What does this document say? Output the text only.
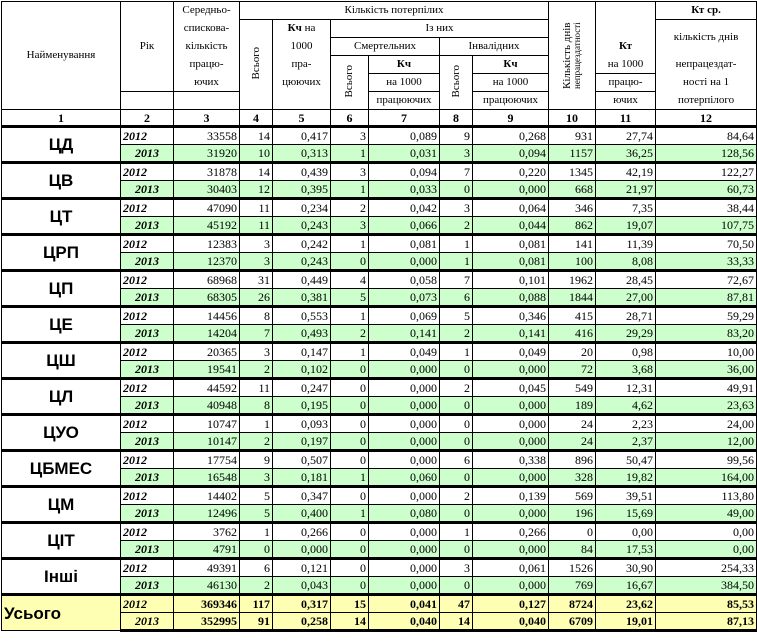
Найменування		Середньо-	Кількість потерпілих						Кількість днів непрацездатності		Кт ср.
		спискова-	Всього	Кч на	Із них						кількість днів
	Рік	кількість		1000	Смертельних		Інвалідних			Кт	
		працю-		пра-	Всього	Кч	Всього	Кч		на 1000	непрацездат-
		ючих		цюючих		на 1000		на 1000		працю-	ності на 1
						працюючих		працюючих		ючих	потерпілого
1	2	3	4	5	6	7	8	9	10	11	12
ЦД	2012	33558	14	0,417	3	0,089	9	0,268	931	27,74	84,64
	2013	31920	10	0,313	1	0,031	3	0,094	1157	36,25	128,56
ЦВ	2012	31878	14	0,439	3	0,094	7	0,220	1345	42,19	122,27
	2013	30403	12	0,395	1	0,033	0	0,000	668	21,97	60,73
ЦТ	2012	47090	11	0,234	2	0,042	3	0,064	346	7,35	38,44
	2013	45192	11	0,243	3	0,066	2	0,044	862	19,07	107,75
ЦРП	2012	12383	3	0,242	1	0,081	1	0,081	141	11,39	70,50
	2013	12370	3	0,243	0	0,000	1	0,081	100	8,08	33,33
ЦП	2012	68968	31	0,449	4	0,058	7	0,101	1962	28,45	72,67
	2013	68305	26	0,381	5	0,073	6	0,088	1844	27,00	87,81
ЦЕ	2012	14456	8	0,553	1	0,069	5	0,346	415	28,71	59,29
	2013	14204	7	0,493	2	0,141	2	0,141	416	29,29	83,20
ЦШ	2012	20365	3	0,147	1	0,049	1	0,049	20	0,98	10,00
	2013	19541	2	0,102	0	0,000	0	0,000	72	3,68	36,00
ЦЛ	2012	44592	11	0,247	0	0,000	2	0,045	549	12,31	49,91
	2013	40948	8	0,195	0	0,000	0	0,000	189	4,62	23,63
ЦУО	2012	10747	1	0,093	0	0,000	0	0,000	24	2,23	24,00
	2013	10147	2	0,197	0	0,000	0	0,000	24	2,37	12,00
ЦБМЕС	2012	17754	9	0,507	0	0,000	6	0,338	896	50,47	99,56
	2013	16548	3	0,181	1	0,060	0	0,000	328	19,82	164,00
ЦМ	2012	14402	5	0,347	0	0,000	2	0,139	569	39,51	113,80
	2013	12496	5	0,400	1	0,080	0	0,000	196	15,69	49,00
ЦІТ	2012	3762	1	0,266	0	0,000	1	0,266	0	0,00	0,00
	2013	4791	0	0,000	0	0,000	0	0,000	84	17,53	0,00
Інші	2012	49391	6	0,121	0	0,000	3	0,061	1526	30,90	254,33
	2013	46130	2	0,043	0	0,000	0	0,000	769	16,67	384,50
Усього	2012	369346	117	0,317	15	0,041	47	0,127	8724	23,62	85,53
	2013	352995	91	0,258	14	0,040	14	0,040	6709	19,01	87,13
